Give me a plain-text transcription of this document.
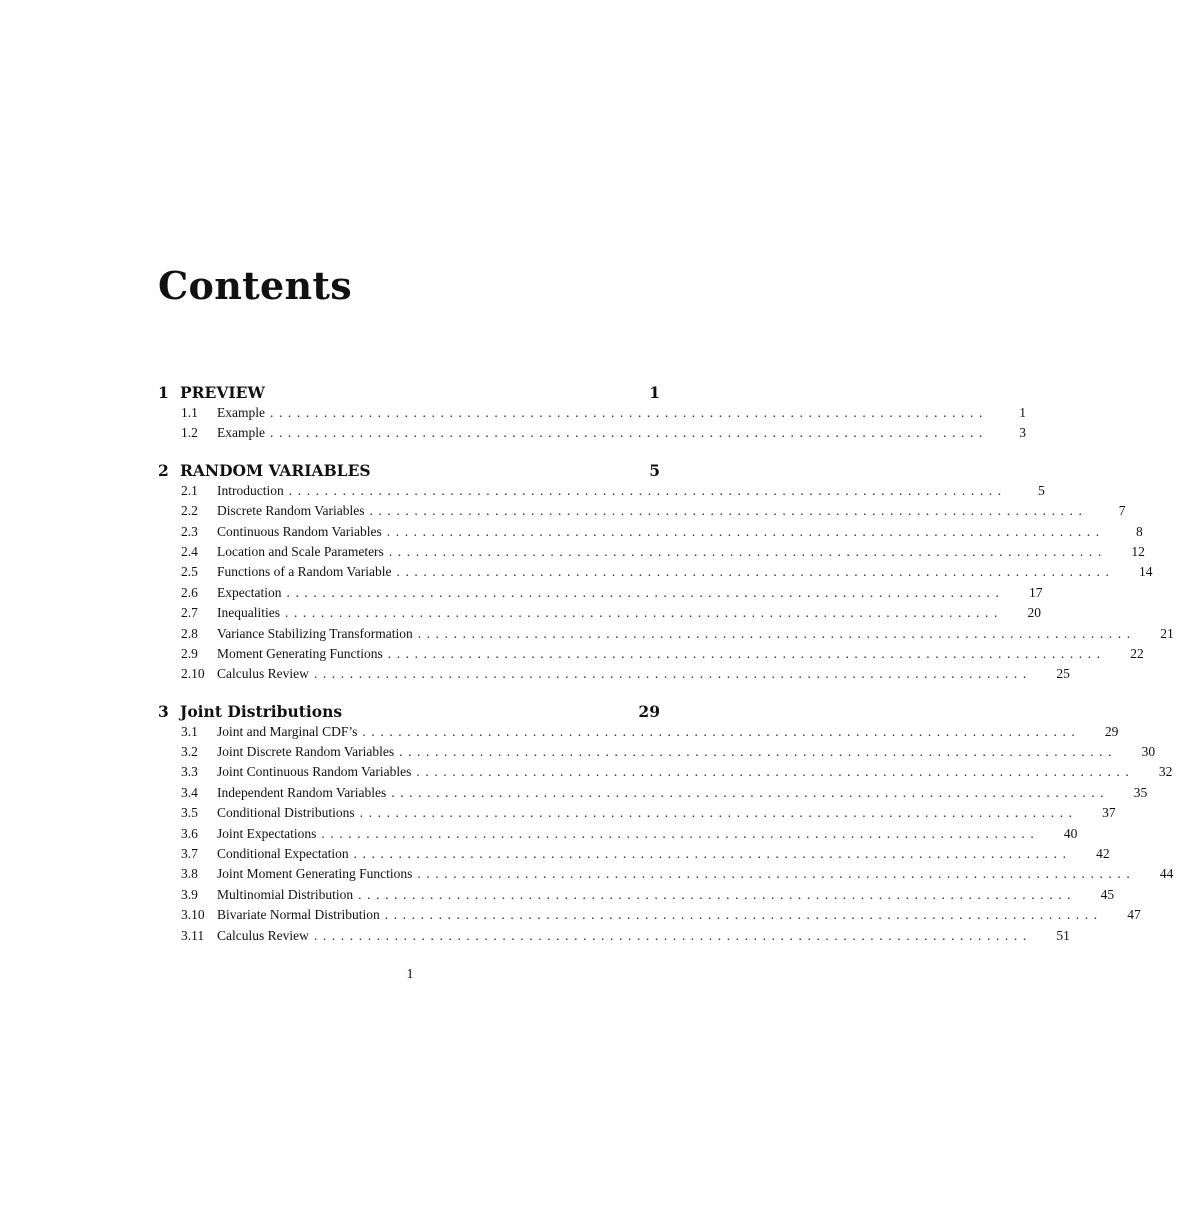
Contents
1 PREVIEW	1
1.1	Example ................................................................................	1
1.2	Example ................................................................................	3
2 RANDOM VARIABLES	5
2.1	Introduction ................................................................................	5
2.2	Discrete Random Variables ................................................................................	7
2.3	Continuous Random Variables ................................................................................	8
2.4	Location and Scale Parameters ................................................................................	12
2.5	Functions of a Random Variable ................................................................................	14
2.6	Expectation ................................................................................	17
2.7	Inequalities ................................................................................	20
2.8	Variance Stabilizing Transformation ................................................................................	21
2.9	Moment Generating Functions ................................................................................	22
2.10 Calculus Review ................................................................................	25
3 Joint Distributions	29
3.1	Joint and Marginal CDF’s ................................................................................	29
3.2	Joint Discrete Random Variables ................................................................................	30
3.3	Joint Continuous Random Variables ................................................................................	32
3.4	Independent Random Variables ................................................................................	35
3.5	Conditional Distributions ................................................................................	37
3.6	Joint Expectations ................................................................................	40
3.7	Conditional Expectation ................................................................................	42
3.8	Joint Moment Generating Functions ................................................................................	44
3.9	Multinomial Distribution ................................................................................	45
3.10 Bivariate Normal Distribution ................................................................................	47
3.11 Calculus Review ................................................................................	51
1
